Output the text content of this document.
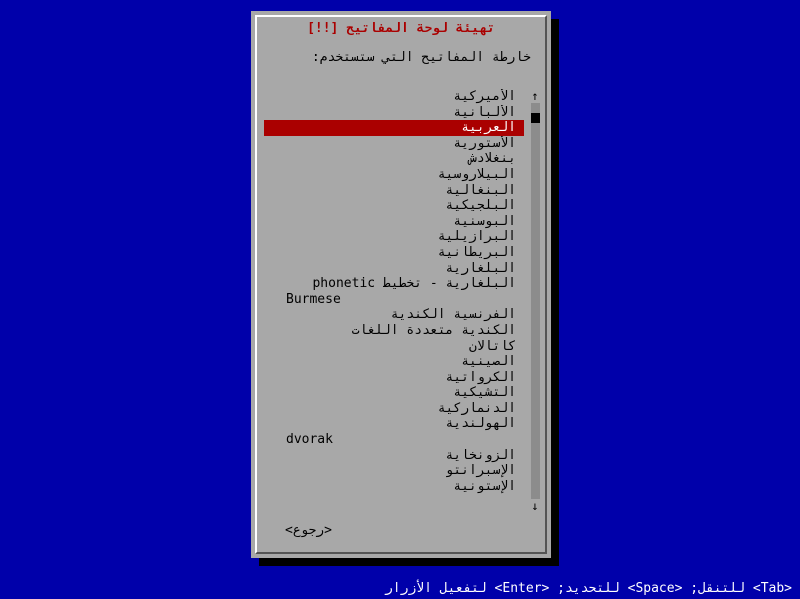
[!!] تهيئة لوحة المفاتيح
خارطة المفاتيح التي ستستخدم:
الأميركية
الألبانية
العربية
الأستورية
بنغلادش
البيلاروسية
البنغالية
البلجيكية
البوسنية
البرازيلية
البريطانية
البلغارية
البلغارية - تخطيط phonetic
Burmese
الفرنسية الكندية
الكندية متعددة اللغات
كاتالان
الصينية
الكرواتية
التشيكية
الدنماركية
الهولندية
dvorak
الزونخاية
الإسبرانتو
الإستونية
↑
↓
<رجوع>
<Tab> للتنقل; <Space> للتحديد; <Enter> لتفعيل الأزرار
